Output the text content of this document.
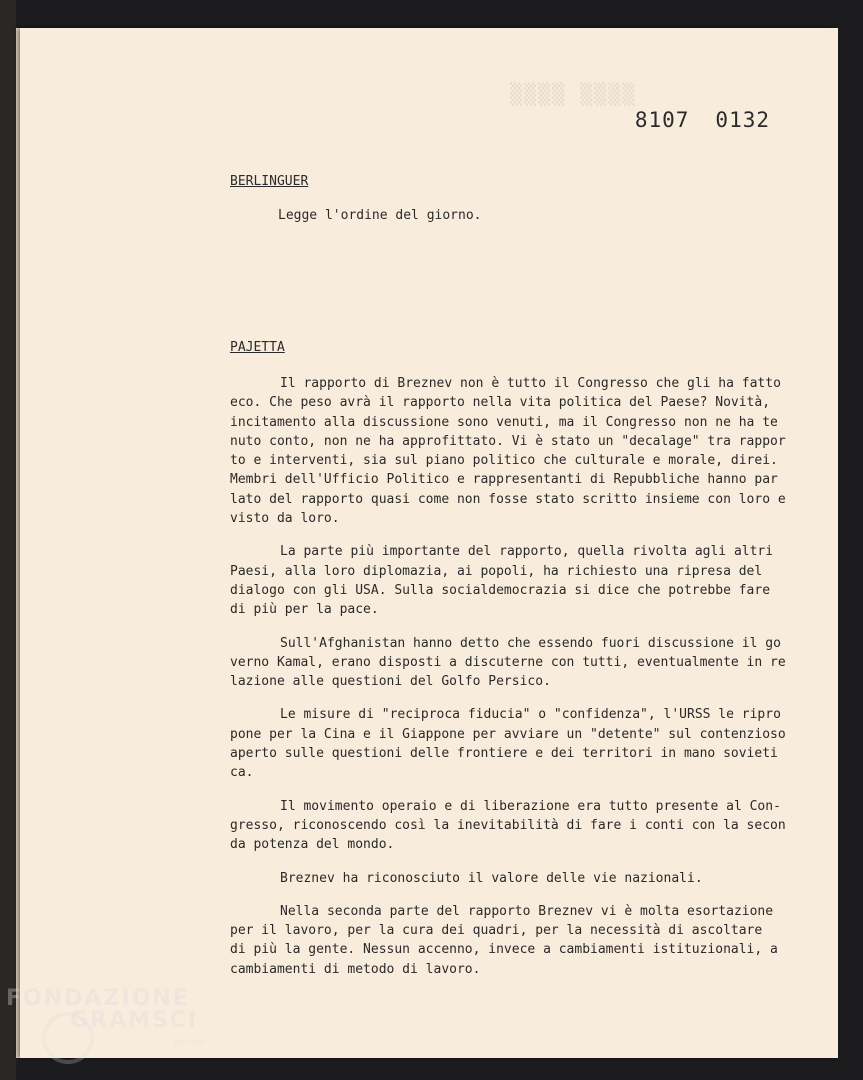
▒▒▒▒ ▒▒▒▒
8107 0132
BERLINGUER
Legge l'ordine del giorno.
PAJETTA

Il rapporto di Breznev non è tutto il Congresso che gli ha fatto
eco. Che peso avrà il rapporto nella vita politica del Paese? Novità,
incitamento alla discussione sono venuti, ma il Congresso non ne ha te
nuto conto, non ne ha approfittato. Vi è stato un "decalage" tra rappor
to e interventi, sia sul piano politico che culturale e morale, direi.
Membri dell'Ufficio Politico e rappresentanti di Repubbliche hanno par
lato del rapporto quasi come non fosse stato scritto insieme con loro e
visto da loro.

La parte più importante del rapporto, quella rivolta agli altri
Paesi, alla loro diplomazia, ai popoli, ha richiesto una ripresa del
dialogo con gli USA. Sulla socialdemocrazia si dice che potrebbe fare
di più per la pace.

Sull'Afghanistan hanno detto che essendo fuori discussione il go
verno Kamal, erano disposti a discuterne con tutti, eventualmente in re
lazione alle questioni del Golfo Persico.

Le misure di "reciproca fiducia" o "confidenza", l'URSS le ripro
pone per la Cina e il Giappone per avviare un "detente" sul contenzioso
aperto sulle questioni delle frontiere e dei territori in mano sovieti
ca.

Il movimento operaio e di liberazione era tutto presente al Con-
gresso, riconoscendo così la inevitabilità di fare i conti con la secon
da potenza del mondo.

Breznev ha riconosciuto il valore delle vie nazionali.

Nella seconda parte del rapporto Breznev vi è molta esortazione
per il lavoro, per la cura dei quadri, per la necessità di ascoltare
di più la gente. Nessun accenno, invece a cambiamenti istituzionali, a
cambiamenti di metodo di lavoro.

FONDAZIONE
GRAMSCI
onlus
